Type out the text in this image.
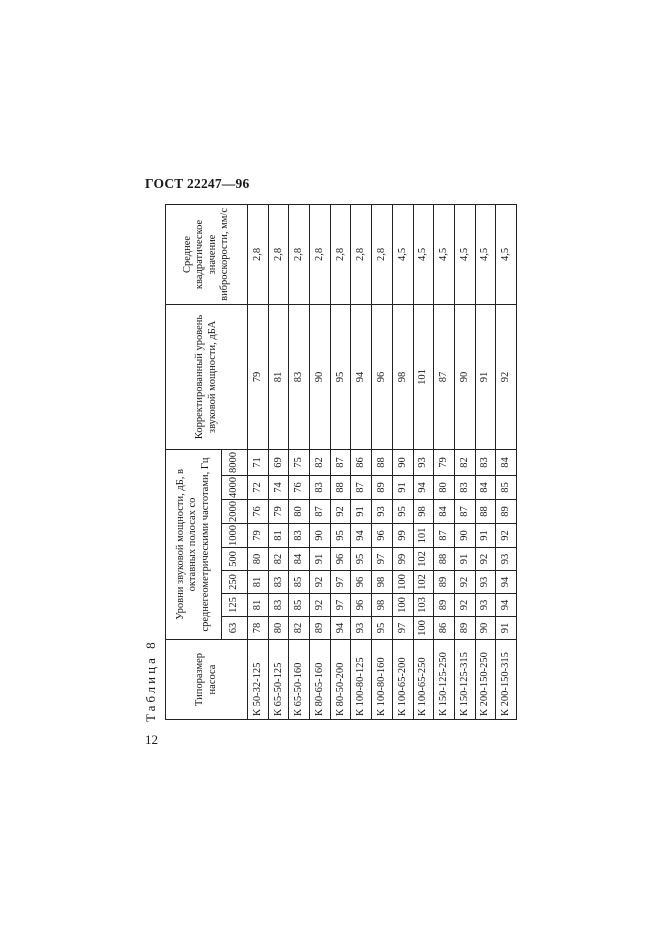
ГОСТ 22247—96
Таблица 8	Типоразмер насоса	Уровни звуковой мощности, дБ, в октавных полосах со среднегеометрическими частотами, Гц								Корректированный уровень звуковой мощности, дБА	Среднее квадратическое значение виброскорости, мм/с
	63	125	250	500	1000	2000	4000	8000		
К 50-32-125	78	81	81	80	79	76	72	71	79	2,8
К 65-50-125	80	83	83	82	81	79	74	69	81	2,8
К 65-50-160	82	85	85	84	83	80	76	75	83	2,8
К 80-65-160	89	92	92	91	90	87	83	82	90	2,8
К 80-50-200	94	97	97	96	95	92	88	87	95	2,8
К 100-80-125	93	96	96	95	94	91	87	86	94	2,8
К 100-80-160	95	98	98	97	96	93	89	88	96	2,8
К 100-65-200	97	100	100	99	99	95	91	90	98	4,5
К 100-65-250	100	103	102	102	101	98	94	93	101	4,5
К 150-125-250	86	89	89	88	87	84	80	79	87	4,5
К 150-125-315	89	92	92	91	90	87	83	82	90	4,5
К 200-150-250	90	93	93	92	91	88	84	83	91	4,5
К 200-150-315	91	94	94	93	92	89	85	84	92	4,5
12
